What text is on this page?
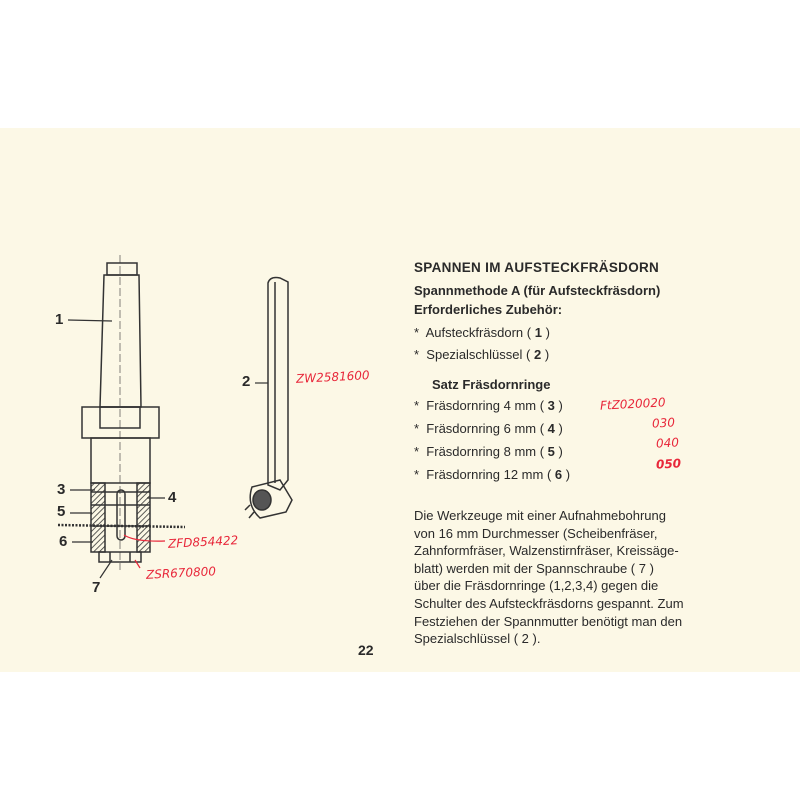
1
2
3	4
5
6
7
ZW2581600
ZFD854422
ZSR670800
SPANNEN IM AUFSTECKFRÄSDORN
Spannmethode A (für Aufsteckfräsdorn)
Erforderliches Zubehör:
* Aufsteckfräsdorn ( 1 )
* Spezialschlüssel ( 2 )
Satz Fräsdornringe
* Fräsdornring 4 mm ( 3 )
* Fräsdornring 6 mm ( 4 )
* Fräsdornring 8 mm ( 5 )
* Fräsdornring 12 mm ( 6 )
FtZ020020
030
040
050
Die Werkzeuge mit einer Aufnahmebohrung
von 16 mm Durchmesser (Scheibenfräser,
Zahnformfräser, Walzenstirnfräser, Kreissäge-
blatt) werden mit der Spannschraube ( 7 )
über die Fräsdornringe (1,2,3,4) gegen die
Schulter des Aufsteckfräsdorns gespannt. Zum
Festziehen der Spannmutter benötigt man den
Spezialschlüssel ( 2 ).
22
